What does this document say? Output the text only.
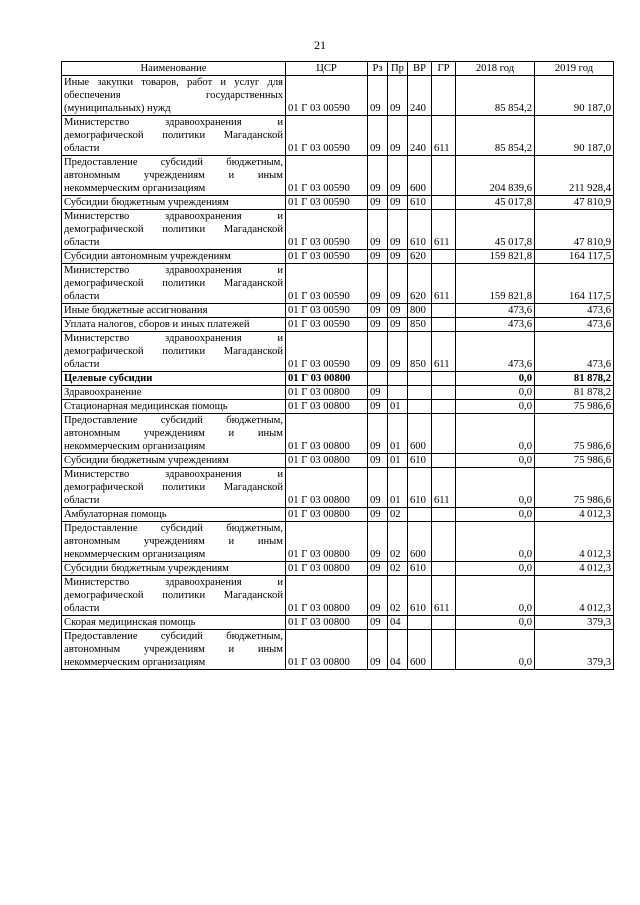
21
Наименование	ЦСР	Рз	Пр	ВР	ГР	2018 год	2019 год
Иные закупки товаров, работ и услуг для обеспечения государственных (муниципальных) нужд	01 Г 03 00590	09	09	240		85 854,2	90 187,0
Министерство здравоохранения и демографической политики Магаданской области	01 Г 03 00590	09	09	240	611	85 854,2	90 187,0
Предоставление субсидий бюджетным, автономным учреждениям и иным некоммерческим организациям	01 Г 03 00590	09	09	600		204 839,6	211 928,4
Субсидии бюджетным учреждениям	01 Г 03 00590	09	09	610		45 017,8	47 810,9
Министерство здравоохранения и демографической политики Магаданской области	01 Г 03 00590	09	09	610	611	45 017,8	47 810,9
Субсидии автономным учреждениям	01 Г 03 00590	09	09	620		159 821,8	164 117,5
Министерство здравоохранения и демографической политики Магаданской области	01 Г 03 00590	09	09	620	611	159 821,8	164 117,5
Иные бюджетные ассигнования	01 Г 03 00590	09	09	800		473,6	473,6
Уплата налогов, сборов и иных платежей	01 Г 03 00590	09	09	850		473,6	473,6
Министерство здравоохранения и демографической политики Магаданской области	01 Г 03 00590	09	09	850	611	473,6	473,6
Целевые субсидии	01 Г 03 00800					0,0	81 878,2
Здравоохранение	01 Г 03 00800	09				0,0	81 878,2
Стационарная медицинская помощь	01 Г 03 00800	09	01			0,0	75 986,6
Предоставление субсидий бюджетным, автономным учреждениям и иным некоммерческим организациям	01 Г 03 00800	09	01	600		0,0	75 986,6
Субсидии бюджетным учреждениям	01 Г 03 00800	09	01	610		0,0	75 986,6
Министерство здравоохранения и демографической политики Магаданской области	01 Г 03 00800	09	01	610	611	0,0	75 986,6
Амбулаторная помощь	01 Г 03 00800	09	02			0,0	4 012,3
Предоставление субсидий бюджетным, автономным учреждениям и иным некоммерческим организациям	01 Г 03 00800	09	02	600		0,0	4 012,3
Субсидии бюджетным учреждениям	01 Г 03 00800	09	02	610		0,0	4 012,3
Министерство здравоохранения и демографической политики Магаданской области	01 Г 03 00800	09	02	610	611	0,0	4 012,3
Скорая медицинская помощь	01 Г 03 00800	09	04			0,0	379,3
Предоставление субсидий бюджетным, автономным учреждениям и иным некоммерческим организациям	01 Г 03 00800	09	04	600		0,0	379,3
